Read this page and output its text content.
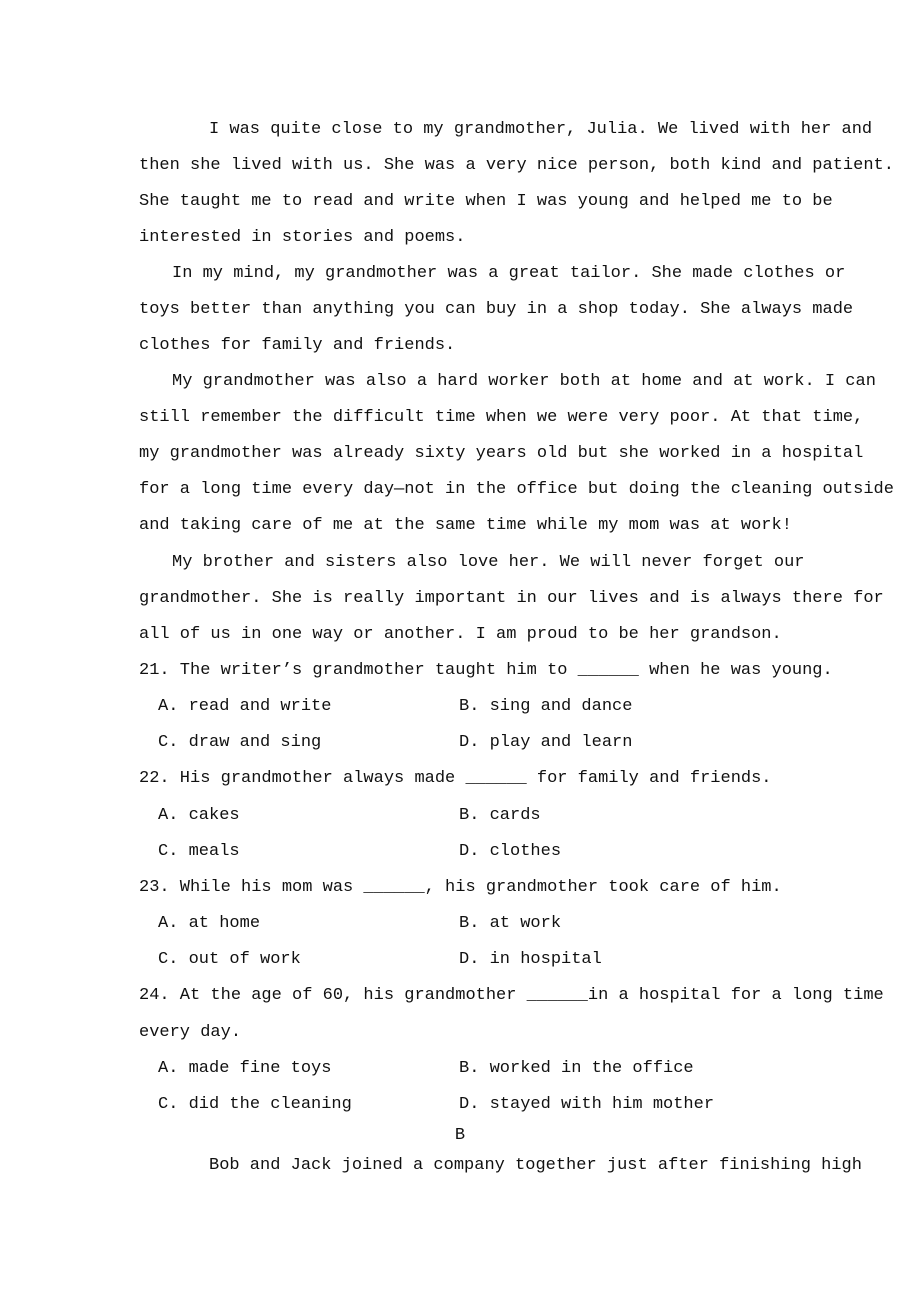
I was quite close to my grandmother, Julia. We lived with her and
then she lived with us. She was a very nice person, both kind and patient.
She taught me to read and write when I was young and helped me to be
interested in stories and poems.
In my mind, my grandmother was a great tailor. She made clothes or
toys better than anything you can buy in a shop today. She always made
clothes for family and friends.
My grandmother was also a hard worker both at home and at work. I can
still remember the difficult time when we were very poor. At that time,
my grandmother was already sixty years old but she worked in a hospital
for a long time every day—not in the office but doing the cleaning outside
and taking care of me at the same time while my mom was at work!
My brother and sisters also love her. We will never forget our
grandmother. She is really important in our lives and is always there for
all of us in one way or another. I am proud to be her grandson.
21. The writer’s grandmother taught him to ______ when he was young.
A. read and write	B. sing and dance
C. draw and sing	D. play and learn
22. His grandmother always made ______ for family and friends.
A. cakes	B. cards
C. meals	D. clothes
23. While his mom was ______, his grandmother took care of him.
A. at home	B. at work
C. out of work	D. in hospital
24. At the age of 60, his grandmother ______in a hospital for a long time
every day.
A. made fine toys	B. worked in the office
C. did the cleaning	D. stayed with him mother
B
Bob and Jack joined a company together just after finishing high
